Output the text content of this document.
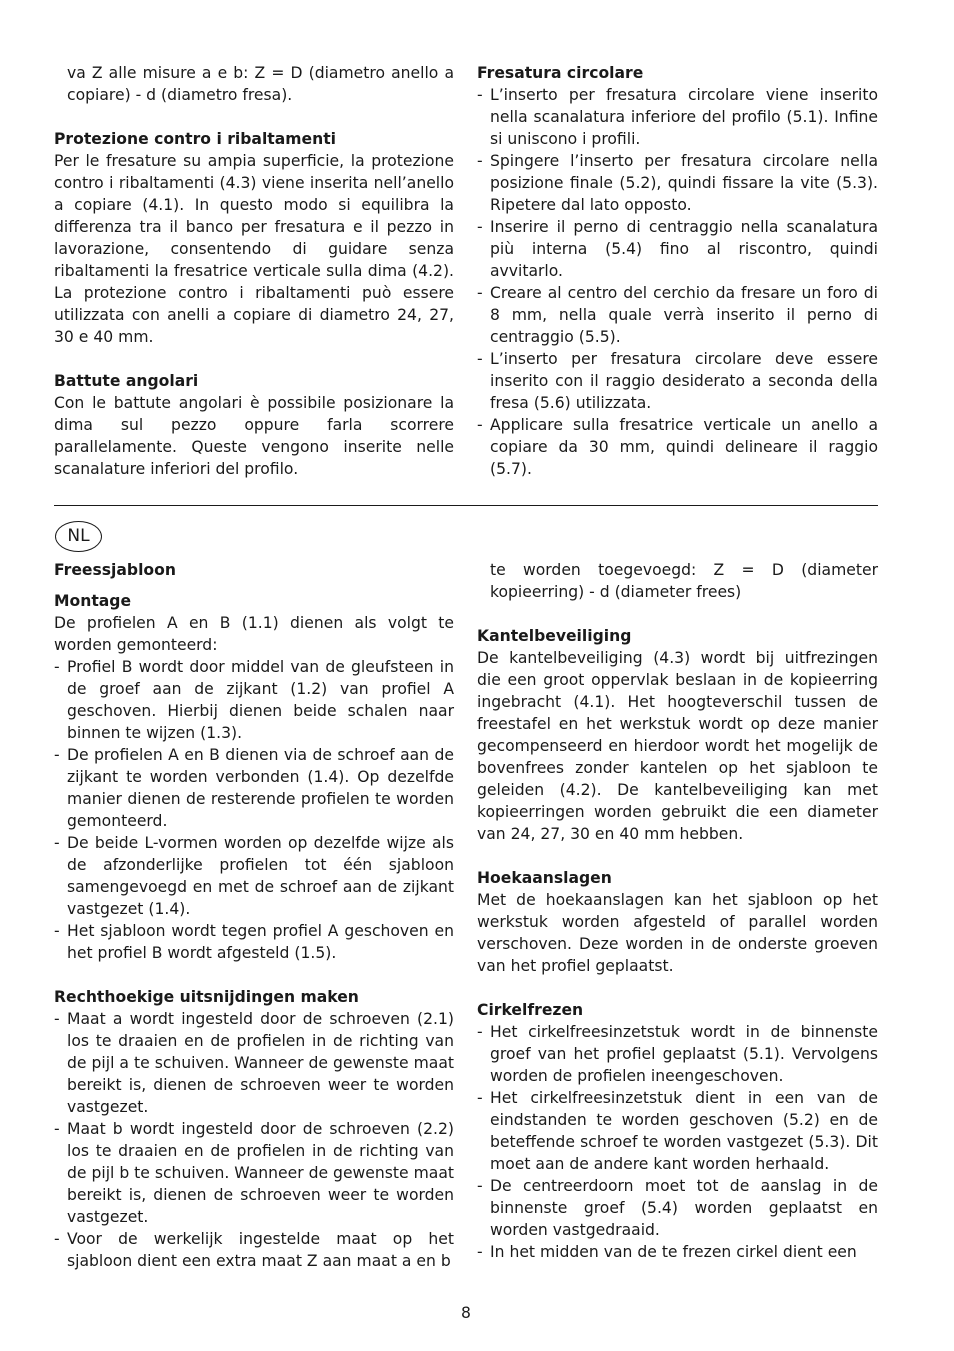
va Z alle misure a e b: Z = D (diametro anello a copiare) - d (diametro fresa).

Protezione contro i ribaltamenti

Per le fresature su ampia superficie, la protezione contro i ribaltamenti (4.3) viene inserita nell’anello a copiare (4.1). In questo modo si equilibra la differenza tra il banco per fresatura e il pezzo in lavorazione, consentendo di guidare senza ribaltamenti la fresatrice verticale sulla dima (4.2). La protezione contro i ribaltamenti può essere utilizzata con anelli a copiare di diametro 24, 27, 30 e 40 mm.

Battute angolari

Con le battute angolari è possibile posizionare la dima sul pezzo oppure farla scorrere parallelamente. Queste vengono inserite nelle scanalature inferiori del profilo.

Fresatura circolare
- L’inserto per fresatura circolare viene inserito nella scanalatura inferiore del profilo (5.1). Infine si uniscono i profili.
- Spingere l’inserto per fresatura circolare nella posizione finale (5.2), quindi fissare la vite (5.3). Ripetere dal lato opposto.
- Inserire il perno di centraggio nella scanalatura più interna (5.4) fino al riscontro, quindi avvitarlo.
- Creare al centro del cerchio da fresare un foro di 8 mm, nella quale verrà inserito il perno di centraggio (5.5).
- L’inserto per fresatura circolare deve essere inserito con il raggio desiderato a seconda della fresa (5.6) utilizzata.
- Applicare sulla fresatrice verticale un anello a copiare da 30 mm, quindi delineare il raggio (5.7).
NL
Freessjabloon
Montage

De profielen A en B (1.1) dienen als volgt te worden gemonteerd:

- Profiel B wordt door middel van de gleufsteen in de groef aan de zijkant (1.2) van profiel A geschoven. Hierbij dienen beide schalen naar binnen te wijzen (1.3).
- De profielen A en B dienen via de schroef aan de zijkant te worden verbonden (1.4). Op dezelfde manier dienen de resterende profielen te worden gemonteerd.
- De beide L-vormen worden op dezelfde wijze als de afzonderlijke profielen tot één sjabloon samengevoegd en met de schroef aan de zijkant vastgezet (1.4).
- Het sjabloon wordt tegen profiel A geschoven en het profiel B wordt afgesteld (1.5).
Rechthoekige uitsnijdingen maken
- Maat a wordt ingesteld door de schroeven (2.1) los te draaien en de profielen in de richting van de pijl a te schuiven. Wanneer de gewenste maat bereikt is, dienen de schroeven weer te worden vastgezet.
- Maat b wordt ingesteld door de schroeven (2.2) los te draaien en de profielen in de richting van de pijl b te schuiven. Wanneer de gewenste maat bereikt is, dienen de schroeven weer te worden vastgezet.
- Voor de werkelijk ingestelde maat op het sjabloon dient een extra maat Z aan maat a en b

te worden toegevoegd: Z = D (diameter kopieerring) - d (diameter frees)

Kantelbeveiliging

De kantelbeveiliging (4.3) wordt bij uitfrezingen die een groot oppervlak beslaan in de kopieerring ingebracht (4.1). Het hoogteverschil tussen de freestafel en het werkstuk wordt op deze manier gecompenseerd en hierdoor wordt het mogelijk de bovenfrees zonder kantelen op het sjabloon te geleiden (4.2). De kantelbeveiliging kan met kopieerringen worden gebruikt die een diameter van 24, 27, 30 en 40 mm hebben.

Hoekaanslagen

Met de hoekaanslagen kan het sjabloon op het werkstuk worden afgesteld of parallel worden verschoven. Deze worden in de onderste groeven van het profiel geplaatst.

Cirkelfrezen
- Het cirkelfreesinzetstuk wordt in de binnenste groef van het profiel geplaatst (5.1). Vervolgens worden de profielen ineengeschoven.
- Het cirkelfreesinzetstuk dient in een van de eindstanden te worden geschoven (5.2) en de beteffende schroef te worden vastgezet (5.3). Dit moet aan de andere kant worden herhaald.
- De centreerdoorn moet tot de aanslag in de binnenste groef (5.4) worden geplaatst en worden vastgedraaid.
- In het midden van de te frezen cirkel dient een
8
